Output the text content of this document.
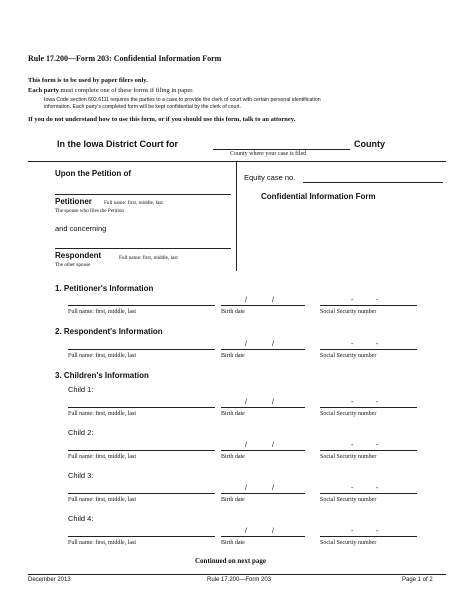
Rule 17.200—Form 203: Confidential Information Form
This form is to be used by paper filers only.
Each party must complete one of these forms if filing in paper.
Iowa Code section 602.6111 requires the parties to a case to provide the clerk of court with certain personal identification
information. Each party's completed form will be kept confidential by the clerk of court.
If you do not understand how to use this form, or if you should use this form, talk to an attorney.
In the Iowa District Court for	County
County where your case is filed
Upon the Petition of
Petitioner Full name: first, middle, last
The spouse who files the Petition
and concerning
Respondent	Full name: first, middle, last
The other spouse
Equity case no.
Confidential Information Form
1. Petitioner's Information
/	/	-	-
Full name: first, middle, last	Birth date	Social Security number
2. Respondent's Information
/	/	-	-
Full name: first, middle, last	Birth date	Social Security number
3. Children's Information
Child 1:
/	/	-	-
Full name: first, middle, last	Birth date	Social Security number
Child 2:
/	/	-	-
Full name: first, middle, last	Birth date	Social Security number
Child 3:
/	/	-	-
Full name: first, middle, last	Birth date	Social Security number
Child 4:
/	/	-	-
Full name: first, middle, last	Birth date	Social Security number
Continued on next page
December 2013	Rule 17.200—Form 203	Page 1 of 2
